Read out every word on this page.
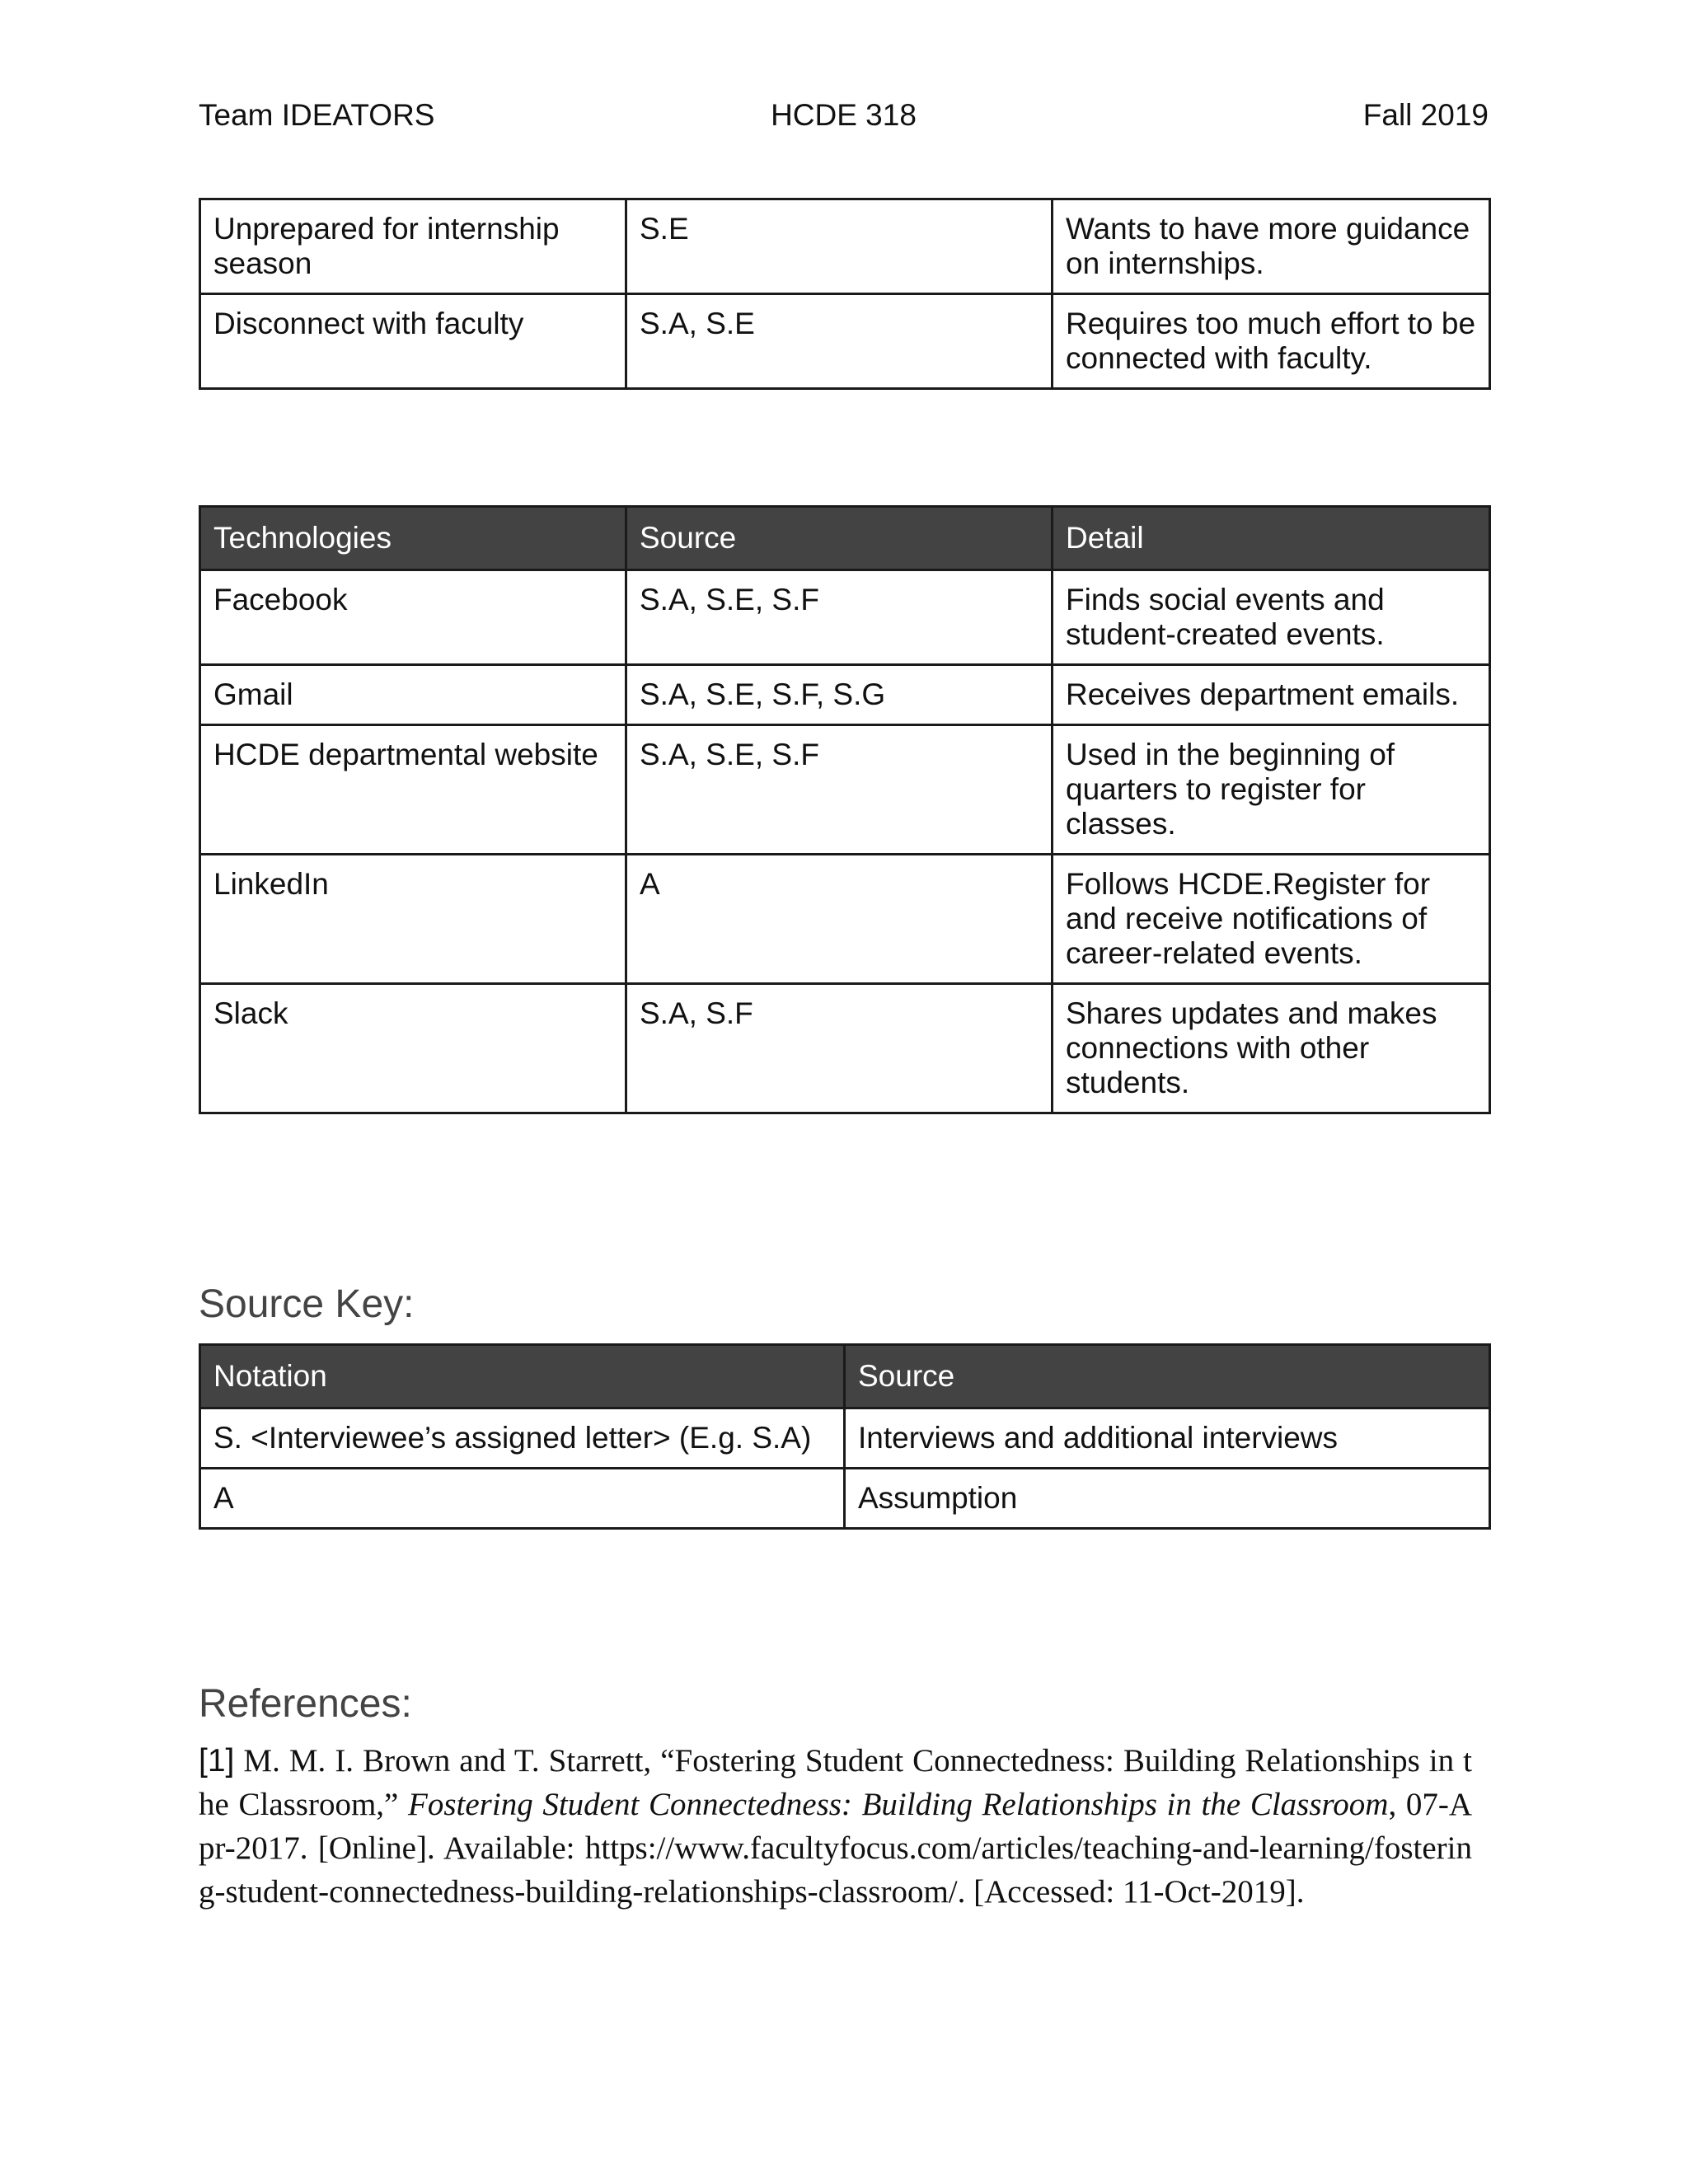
Team IDEATORS	HCDE 318	Fall 2019
Unprepared for internship season	S.E	Wants to have more guidance on internships.
Disconnect with faculty	S.A, S.E	Requires too much effort to be connected with faculty.
Technologies	Source	Detail
Facebook	S.A, S.E, S.F	Finds social events and student-created events.
Gmail	S.A, S.E, S.F, S.G	Receives department emails.
HCDE departmental website	S.A, S.E, S.F	Used in the beginning of quarters to register for classes.
LinkedIn	A	Follows HCDE.Register for and receive notifications of career-related events.
Slack	S.A, S.F	Shares updates and makes connections with other students.
Source Key:
Notation	Source
S. <Interviewee’s assigned letter> (E.g. S.A)	Interviews and additional interviews
A	Assumption
References:
[1] M. M. I. Brown and T. Starrett, “Fostering Student Connectedness: Building Relationships in the Classroom,” Fostering Student Connectedness: Building Relationships in the Classroom, 07-Apr-2017. [Online]. Available: https://www.facultyfocus.com/articles/teaching-and-learning/fostering-student-connectedness-building-relationships-classroom/. [Accessed: 11-Oct-2019].
